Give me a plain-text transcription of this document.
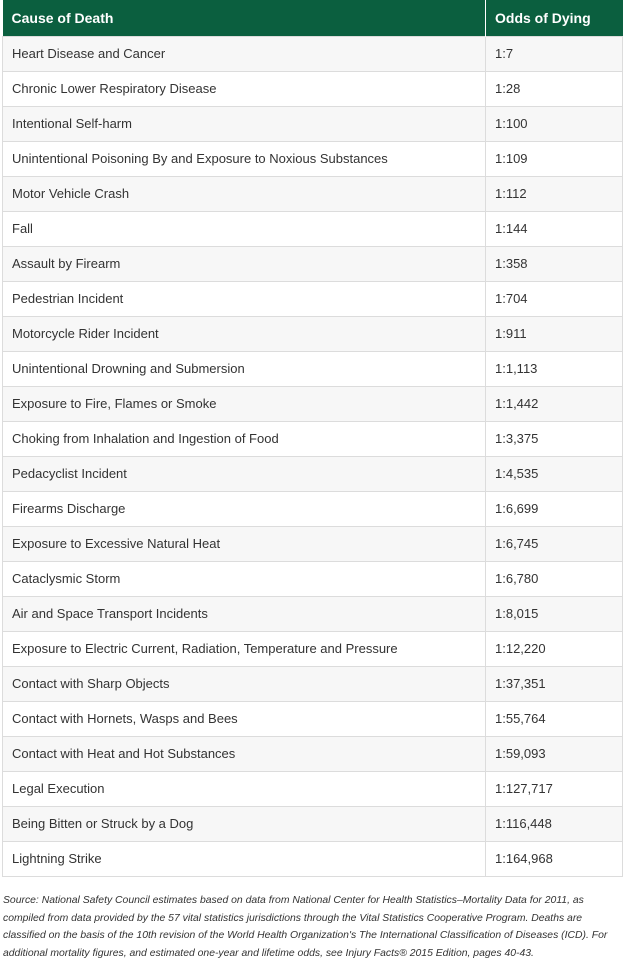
Cause of Death	Odds of Dying
Heart Disease and Cancer	1:7
Chronic Lower Respiratory Disease	1:28
Intentional Self-harm	1:100
Unintentional Poisoning By and Exposure to Noxious Substances	1:109
Motor Vehicle Crash	1:112
Fall	1:144
Assault by Firearm	1:358
Pedestrian Incident	1:704
Motorcycle Rider Incident	1:911
Unintentional Drowning and Submersion	1:1,113
Exposure to Fire, Flames or Smoke	1:1,442
Choking from Inhalation and Ingestion of Food	1:3,375
Pedacyclist Incident	1:4,535
Firearms Discharge	1:6,699
Exposure to Excessive Natural Heat	1:6,745
Cataclysmic Storm	1:6,780
Air and Space Transport Incidents	1:8,015
Exposure to Electric Current, Radiation, Temperature and Pressure	1:12,220
Contact with Sharp Objects	1:37,351
Contact with Hornets, Wasps and Bees	1:55,764
Contact with Heat and Hot Substances	1:59,093
Legal Execution	1:127,717
Being Bitten or Struck by a Dog	1:116,448
Lightning Strike	1:164,968
Source: National Safety Council estimates based on data from National Center for Health Statistics–Mortality Data for 2011, as compiled from data provided by the 57 vital statistics jurisdictions through the Vital Statistics Cooperative Program. Deaths are classified on the basis of the 10th revision of the World Health Organization's The International Classification of Diseases (ICD). For additional mortality figures, and estimated one-year and lifetime odds, see Injury Facts® 2015 Edition, pages 40-43.
